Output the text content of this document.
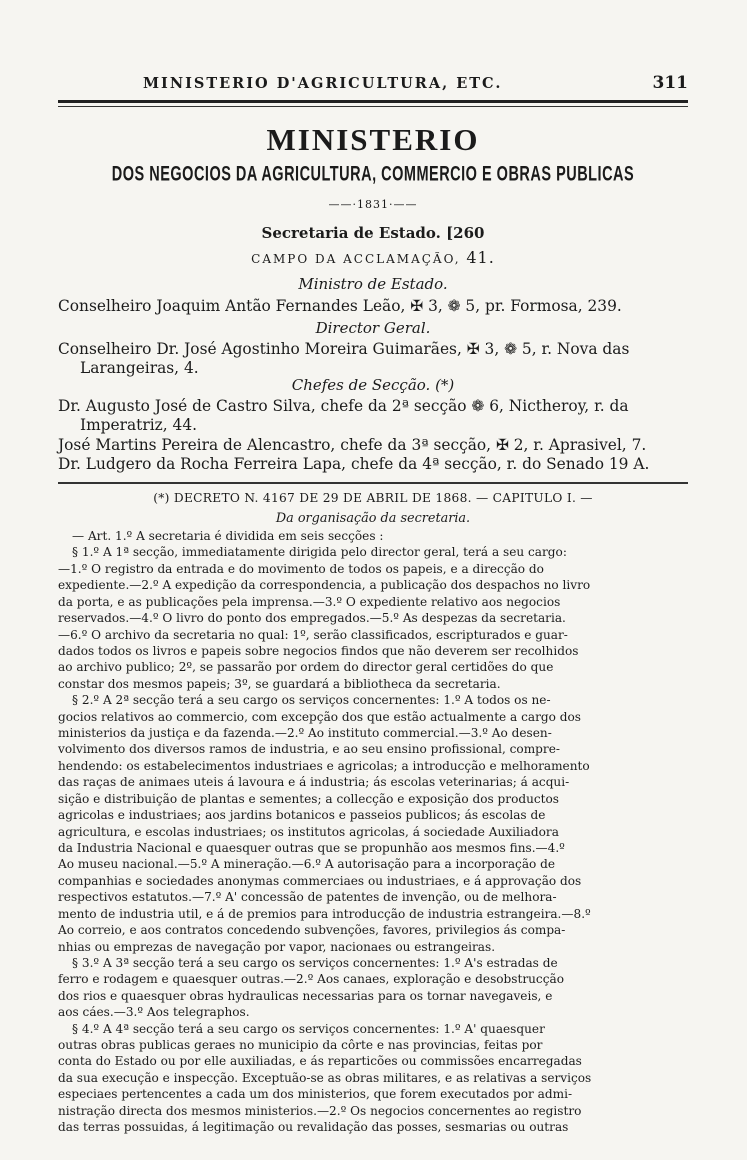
MINISTERIO D'AGRICULTURA, ETC.	311
MINISTERIO
DOS NEGOCIOS DA AGRICULTURA, COMMERCIO E OBRAS PUBLICAS
——·1831·——
Secretaria de Estado. [260
CAMPO DA ACCLAMAÇÃO, 41.
Ministro de Estado.
Conselheiro Joaquim Antão Fernandes Leão, ✠ 3, ❁ 5, pr. Formosa, 239.
Director Geral.
Conselheiro Dr. José Agostinho Moreira Guimarães, ✠ 3, ❁ 5, r. Nova das
Larangeiras, 4.
Chefes de Secção. (*)
Dr. Augusto José de Castro Silva, chefe da 2ª secção ❁ 6, Nictheroy, r. da
Imperatriz, 44.
José Martins Pereira de Alencastro, chefe da 3ª secção, ✠ 2, r. Aprasivel, 7.
Dr. Ludgero da Rocha Ferreira Lapa, chefe da 4ª secção, r. do Senado 19 A.
(*) DECRETO N. 4167 DE 29 DE ABRIL DE 1868. — CAPITULO I. —
Da organisação da secretaria.
— Art. 1.º A secretaria é dividida em seis secções :
§ 1.º A 1ª secção, immediatamente dirigida pelo director geral, terá a seu cargo:
—1.º O registro da entrada e do movimento de todos os papeis, e a direcção do
expediente.—2.º A expedição da correspondencia, a publicação dos despachos no livro
da porta, e as publicações pela imprensa.—3.º O expediente relativo aos negocios
reservados.—4.º O livro do ponto dos empregados.—5.º As despezas da secretaria.
—6.º O archivo da secretaria no qual: 1º, serão classificados, escripturados e guar-
dados todos os livros e papeis sobre negocios findos que não deverem ser recolhidos
ao archivo publico; 2º, se passarão por ordem do director geral certidões do que
constar dos mesmos papeis; 3º, se guardará a bibliotheca da secretaria.
§ 2.º A 2ª secção terá a seu cargo os serviços concernentes: 1.º A todos os ne-
gocios relativos ao commercio, com excepção dos que estão actualmente a cargo dos
ministerios da justiça e da fazenda.—2.º Ao instituto commercial.—3.º Ao desen-
volvimento dos diversos ramos de industria, e ao seu ensino profissional, compre-
hendendo: os estabelecimentos industriaes e agricolas; a introducção e melhoramento
das raças de animaes uteis á lavoura e á industria; ás escolas veterinarias; á acqui-
sição e distribuição de plantas e sementes; a collecção e exposição dos productos
agricolas e industriaes; aos jardins botanicos e passeios publicos; ás escolas de
agricultura, e escolas industriaes; os institutos agricolas, á sociedade Auxiliadora
da Industria Nacional e quaesquer outras que se propunhão aos mesmos fins.—4.º
Ao museu nacional.—5.º A mineração.—6.º A autorisação para a incorporação de
companhias e sociedades anonymas commerciaes ou industriaes, e á approvação dos
respectivos estatutos.—7.º A' concessão de patentes de invenção, ou de melhora-
mento de industria util, e á de premios para introducção de industria estrangeira.—8.º
Ao correio, e aos contratos concedendo subvenções, favores, privilegios ás compa-
nhias ou emprezas de navegação por vapor, nacionaes ou estrangeiras.
§ 3.º A 3ª secção terá a seu cargo os serviços concernentes: 1.º A's estradas de
ferro e rodagem e quaesquer outras.—2.º Aos canaes, exploração e desobstrucção
dos rios e quaesquer obras hydraulicas necessarias para os tornar navegaveis, e
aos cáes.—3.º Aos telegraphos.
§ 4.º A 4ª secção terá a seu cargo os serviços concernentes: 1.º A' quaesquer
outras obras publicas geraes no municipio da côrte e nas provincias, feitas por
conta do Estado ou por elle auxiliadas, e ás reparticões ou commissões encarregadas
da sua execução e inspecção. Exceptuão-se as obras militares, e as relativas a serviços
especiaes pertencentes a cada um dos ministerios, que forem executados por admi-
nistração directa dos mesmos ministerios.—2.º Os negocios concernentes ao registro
das terras possuidas, á legitimação ou revalidação das posses, sesmarias ou outras
